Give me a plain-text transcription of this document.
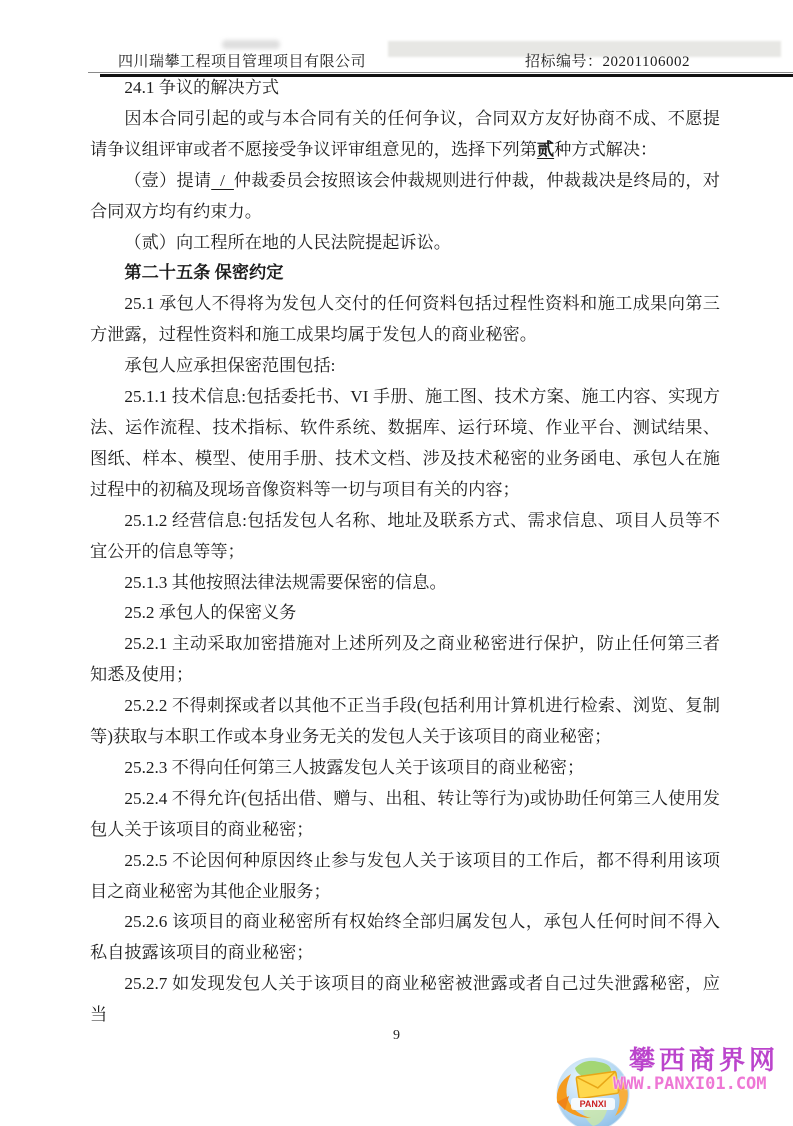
四川瑞攀工程项目管理项目有限公司	招标编号：20201106002

24.1 争议的解决方式

因本合同引起的或与本合同有关的任何争议，合同双方友好协商不成、不愿提请争议组评审或者不愿接受争议评审组意见的，选择下列第贰种方式解决：

（壹）提请  /  仲裁委员会按照该会仲裁规则进行仲裁，仲裁裁决是终局的，对合同双方均有约束力。

（贰）向工程所在地的人民法院提起诉讼。

第二十五条 保密约定

25.1 承包人不得将为发包人交付的任何资料包括过程性资料和施工成果向第三方泄露，过程性资料和施工成果均属于发包人的商业秘密。

承包人应承担保密范围包括:

25.1.1 技术信息:包括委托书、VI 手册、施工图、技术方案、施工内容、实现方法、运作流程、技术指标、软件系统、数据库、运行环境、作业平台、测试结果、图纸、样本、模型、使用手册、技术文档、涉及技术秘密的业务函电、承包人在施过程中的初稿及现场音像资料等一切与项目有关的内容；

25.1.2 经营信息:包括发包人名称、地址及联系方式、需求信息、项目人员等不宜公开的信息等等；

25.1.3 其他按照法律法规需要保密的信息。

25.2 承包人的保密义务

25.2.1 主动采取加密措施对上述所列及之商业秘密进行保护，防止任何第三者知悉及使用；

25.2.2 不得刺探或者以其他不正当手段(包括利用计算机进行检索、浏览、复制等)获取与本职工作或本身业务无关的发包人关于该项目的商业秘密；

25.2.3 不得向任何第三人披露发包人关于该项目的商业秘密；

25.2.4 不得允许(包括出借、赠与、出租、转让等行为)或协助任何第三人使用发包人关于该项目的商业秘密；

25.2.5 不论因何种原因终止参与发包人关于该项目的工作后，都不得利用该项目之商业秘密为其他企业服务；

25.2.6 该项目的商业秘密所有权始终全部归属发包人，承包人任何时间不得入私自披露该项目的商业秘密；

25.2.7 如发现发包人关于该项目的商业秘密被泄露或者自己过失泄露秘密，应当

9
PANXI
攀西商界网
WWW.PANXI01.COM
